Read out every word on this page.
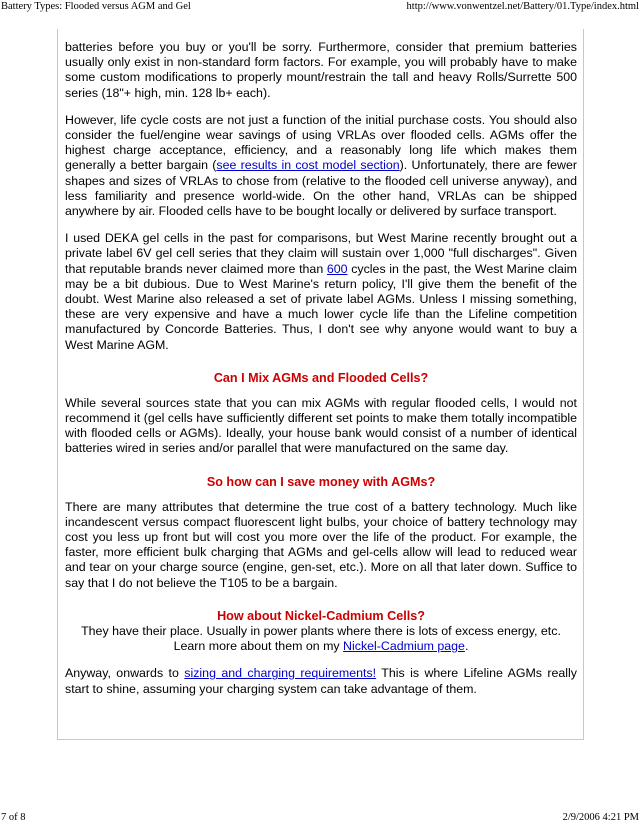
Battery Types: Flooded versus AGM and Gel	http://www.vonwentzel.net/Battery/01.Type/index.html

batteries before you buy or you'll be sorry. Furthermore, consider that premium batteries usually only exist in non-standard form factors. For example, you will probably have to make some custom modifications to properly mount/restrain the tall and heavy Rolls/Surrette 500 series (18"+ high, min. 128 lb+ each).

However, life cycle costs are not just a function of the initial purchase costs. You should also consider the fuel/engine wear savings of using VRLAs over flooded cells. AGMs offer the highest charge acceptance, efficiency, and a reasonably long life which makes them generally a better bargain (see results in cost model section). Unfortunately, there are fewer shapes and sizes of VRLAs to chose from (relative to the flooded cell universe anyway), and less familiarity and presence world-wide. On the other hand, VRLAs can be shipped anywhere by air. Flooded cells have to be bought locally or delivered by surface transport.

I used DEKA gel cells in the past for comparisons, but West Marine recently brought out a private label 6V gel cell series that they claim will sustain over 1,000 "full discharges". Given that reputable brands never claimed more than 600 cycles in the past, the West Marine claim may be a bit dubious. Due to West Marine's return policy, I'll give them the benefit of the doubt. West Marine also released a set of private label AGMs. Unless I missing something, these are very expensive and have a much lower cycle life than the Lifeline competition manufactured by Concorde Batteries. Thus, I don't see why anyone would want to buy a West Marine AGM.

Can I Mix AGMs and Flooded Cells?

While several sources state that you can mix AGMs with regular flooded cells, I would not recommend it (gel cells have sufficiently different set points to make them totally incompatible with flooded cells or AGMs). Ideally, your house bank would consist of a number of identical batteries wired in series and/or parallel that were manufactured on the same day.

So how can I save money with AGMs?

There are many attributes that determine the true cost of a battery technology. Much like incandescent versus compact fluorescent light bulbs, your choice of battery technology may cost you less up front but will cost you more over the life of the product. For example, the faster, more efficient bulk charging that AGMs and gel-cells allow will lead to reduced wear and tear on your charge source (engine, gen-set, etc.). More on all that later down. Suffice to say that I do not believe the T105 to be a bargain.

How about Nickel-Cadmium Cells?
They have their place. Usually in power plants where there is lots of excess energy, etc.
Learn more about them on my Nickel-Cadmium page.

Anyway, onwards to sizing and charging requirements! This is where Lifeline AGMs really start to shine, assuming your charging system can take advantage of them.

7 of 8	2/9/2006 4:21 PM
